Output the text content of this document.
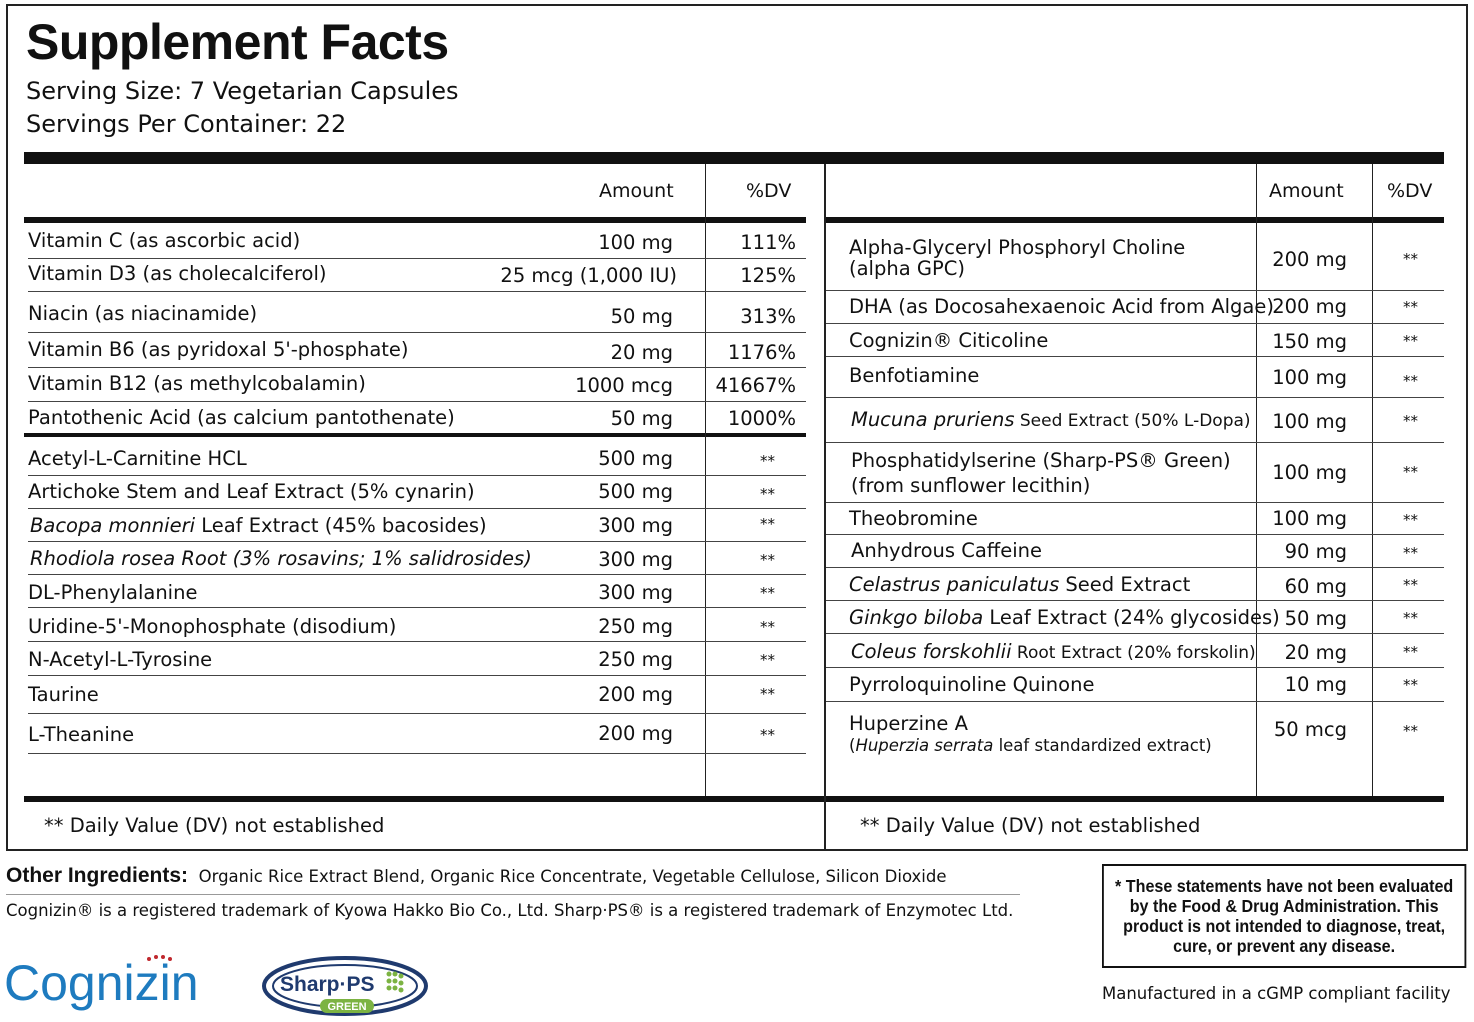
Supplement Facts
Serving Size: 7 Vegetarian Capsules
Servings Per Container: 22
Amount	%DV	Amount %DV
Vitamin C (as ascorbic acid)	100 mg	111%
Vitamin D3 (as cholecalciferol)	25 mcg (1,000 IU)	125%
Niacin (as niacinamide)	50 mg	313%
Vitamin B6 (as pyridoxal 5'-phosphate)	20 mg	1176%
Vitamin B12 (as methylcobalamin)	1000 mcg 41667%
Pantothenic Acid (as calcium pantothenate)	50 mg	1000%
Acetyl-L-Carnitine HCL	500 mg	**
Artichoke Stem and Leaf Extract (5% cynarin)	500 mg	**
Bacopa monnieri Leaf Extract (45% bacosides)	300 mg	**
Rhodiola rosea Root (3% rosavins; 1% salidrosides)	300 mg	**
DL-Phenylalanine	300 mg	**
Uridine-5'-Monophosphate (disodium)	250 mg	**
N-Acetyl-L-Tyrosine	250 mg	**
Taurine	200 mg	**
L-Theanine	200 mg	**
Alpha-Glyceryl Phosphoryl Choline
(alpha GPC)	200 mg	**
DHA (as Docosahexaenoic Acid from Algae)
200 mg	**
Cognizin® Citicoline	150 mg	**
Benfotiamine	100 mg	**
Mucuna pruriens Seed Extract (50% L-Dopa)	100 mg	**
Phosphatidylserine (Sharp-PS® Green)
(from sunflower lecithin)
100 mg	**
Theobromine	100 mg	**
Anhydrous Caffeine	90 mg	**
Celastrus paniculatus Seed Extract	60 mg	**
Ginkgo biloba Leaf Extract (24% glycosides) 50 mg	**
Coleus forskohlii Root Extract (20% forskolin)	20 mg	**
Pyrroloquinoline Quinone	10 mg	**
Huperzine A
(Huperzia serrata leaf standardized extract)
50 mcg	**
** Daily Value (DV) not established	** Daily Value (DV) not established
Other Ingredients: Organic Rice Extract Blend, Organic Rice Concentrate, Vegetable Cellulose, Silicon Dioxide
Cognizin® is a registered trademark of Kyowa Hakko Bio Co., Ltd. Sharp·PS® is a registered trademark of Enzymotec Ltd.
* These statements have not been evaluated by the Food & Drug Administration. This product is not intended to diagnose, treat, cure, or prevent any disease.
Manufactured in a cGMP compliant facility
Cognizin	Sharp·PS
GREEN
